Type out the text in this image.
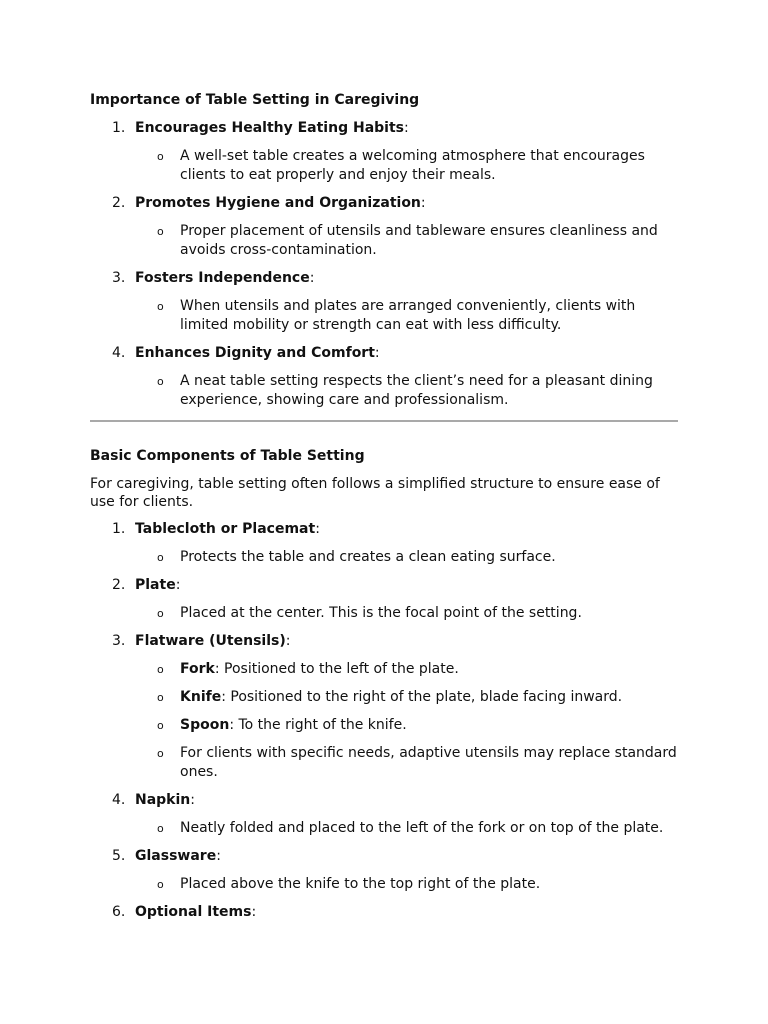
Importance of Table Setting in Caregiving

1. Encourages Healthy Eating Habits:
o A well-set table creates a welcoming atmosphere that encourages clients to eat properly and enjoy their meals.
2. Promotes Hygiene and Organization:
o Proper placement of utensils and tableware ensures cleanliness and avoids cross-contamination.
3. Fosters Independence:
o When utensils and plates are arranged conveniently, clients with limited mobility or strength can eat with less difficulty.
4. Enhances Dignity and Comfort:
o A neat table setting respects the client’s need for a pleasant dining experience, showing care and professionalism.

Basic Components of Table Setting

For caregiving, table setting often follows a simplified structure to ensure ease of use for clients.

1. Tablecloth or Placemat:
o Protects the table and creates a clean eating surface.
2. Plate:
o Placed at the center. This is the focal point of the setting.
3. Flatware (Utensils):
o Fork: Positioned to the left of the plate.
o Knife: Positioned to the right of the plate, blade facing inward.
o Spoon: To the right of the knife.
o For clients with specific needs, adaptive utensils may replace standard ones.
4. Napkin:
o Neatly folded and placed to the left of the fork or on top of the plate.
5. Glassware:
o Placed above the knife to the top right of the plate.
6. Optional Items:
